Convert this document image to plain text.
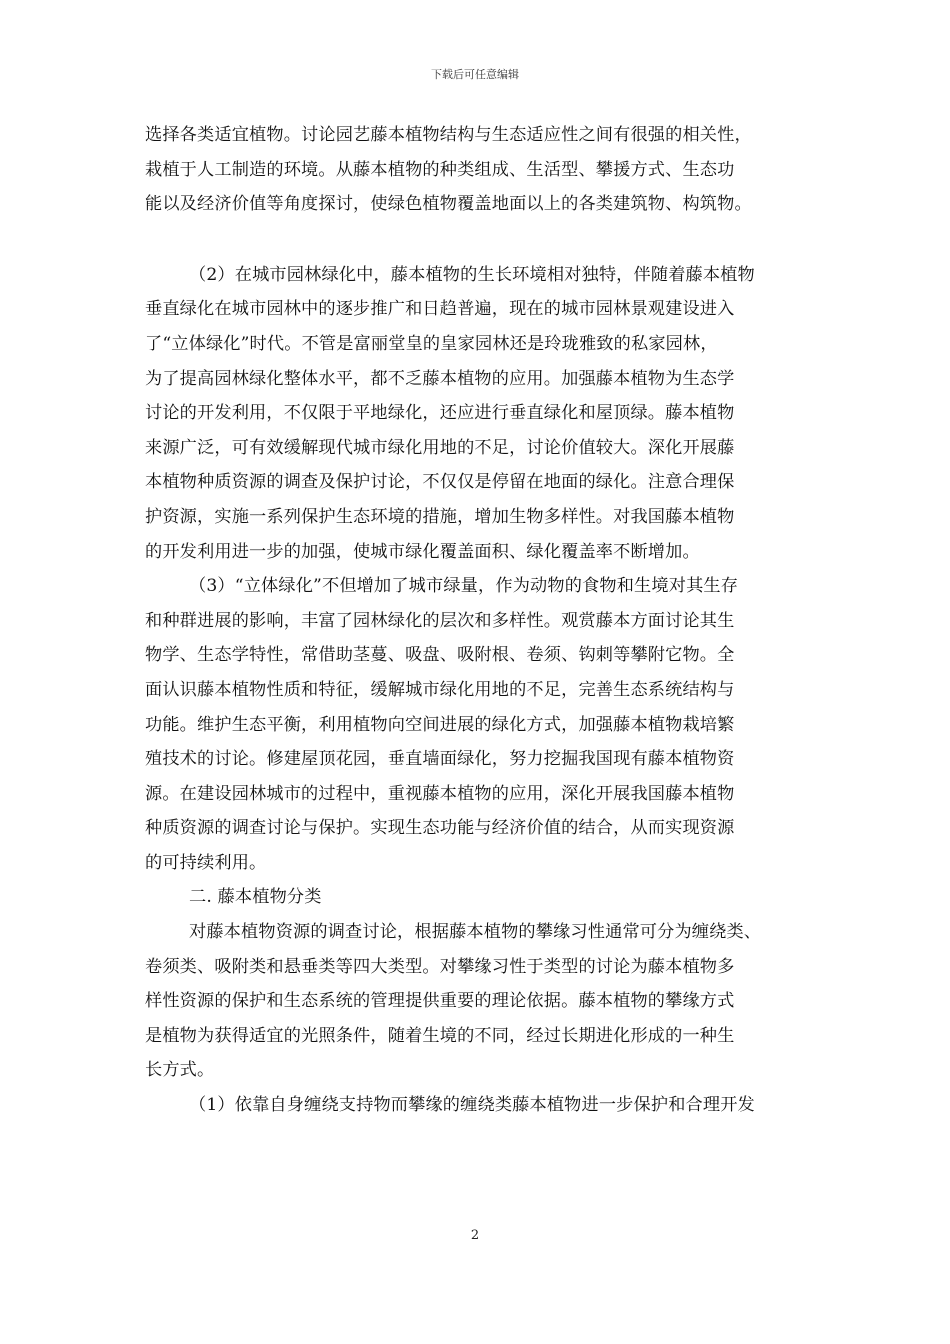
下载后可任意编辑
选择各类适宜植物。讨论园艺藤本植物结构与生态适应性之间有很强的相关性，
栽植于人工制造的环境。从藤本植物的种类组成、生活型、攀援方式、生态功
能以及经济价值等角度探讨，使绿色植物覆盖地面以上的各类建筑物、构筑物。
（2）在城市园林绿化中，藤本植物的生长环境相对独特，伴随着藤本植物
垂直绿化在城市园林中的逐步推广和日趋普遍，现在的城市园林景观建设进入
了“立体绿化”时代。不管是富丽堂皇的皇家园林还是玲珑雅致的私家园林，
为了提高园林绿化整体水平，都不乏藤本植物的应用。加强藤本植物为生态学
讨论的开发利用，不仅限于平地绿化，还应进行垂直绿化和屋顶绿。藤本植物
来源广泛，可有效缓解现代城市绿化用地的不足，讨论价值较大。深化开展藤
本植物种质资源的调查及保护讨论，不仅仅是停留在地面的绿化。注意合理保
护资源，实施一系列保护生态环境的措施，增加生物多样性。对我国藤本植物
的开发利用进一步的加强，使城市绿化覆盖面积、绿化覆盖率不断增加。
（3）“立体绿化”不但增加了城市绿量，作为动物的食物和生境对其生存
和种群进展的影响，丰富了园林绿化的层次和多样性。观赏藤本方面讨论其生
物学、生态学特性，常借助茎蔓、吸盘、吸附根、卷须、钩刺等攀附它物。全
面认识藤本植物性质和特征，缓解城市绿化用地的不足，完善生态系统结构与
功能。维护生态平衡，利用植物向空间进展的绿化方式，加强藤本植物栽培繁
殖技术的讨论。修建屋顶花园，垂直墙面绿化，努力挖掘我国现有藤本植物资
源。在建设园林城市的过程中，重视藤本植物的应用，深化开展我国藤本植物
种质资源的调查讨论与保护。实现生态功能与经济价值的结合，从而实现资源
的可持续利用。
二. 藤本植物分类
对藤本植物资源的调查讨论，根据藤本植物的攀缘习性通常可分为缠绕类、
卷须类、吸附类和悬垂类等四大类型。对攀缘习性于类型的讨论为藤本植物多
样性资源的保护和生态系统的管理提供重要的理论依据。藤本植物的攀缘方式
是植物为获得适宜的光照条件，随着生境的不同，经过长期进化形成的一种生
长方式。
（1）依靠自身缠绕支持物而攀缘的缠绕类藤本植物进一步保护和合理开发
2
